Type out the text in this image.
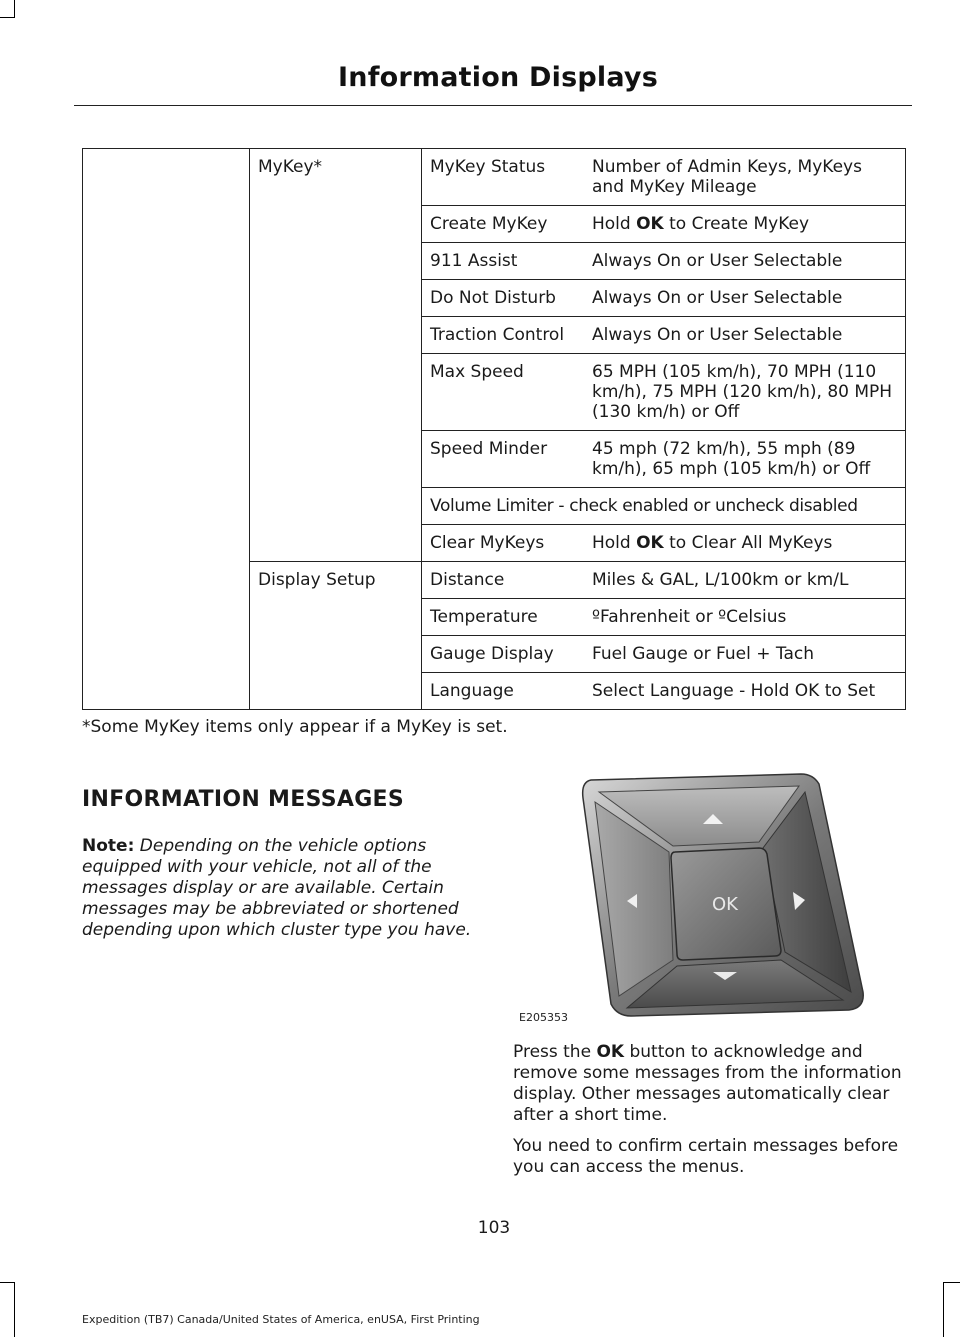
Information Displays
	MyKey*	MyKey Status	Number of Admin Keys, MyKeys and MyKey Mileage
		Create MyKey	Hold OK to Create MyKey
		911 Assist	Always On or User Selectable
		Do Not Disturb	Always On or User Selectable
		Traction Control	Always On or User Selectable
		Max Speed	65 MPH (105 km/h), 70 MPH (110 km/h), 75 MPH (120 km/h), 80 MPH (130 km/h) or Off
		Speed Minder	45 mph (72 km/h), 55 mph (89 km/h), 65 mph (105 km/h) or Off
		Volume Limiter - check enabled or uncheck disabled	
		Clear MyKeys	Hold OK to Clear All MyKeys
	Display Setup	Distance	Miles & GAL, L/100km or km/L
		Temperature	ºFahrenheit or ºCelsius
		Gauge Display	Fuel Gauge or Fuel + Tach
		Language	Select Language - Hold OK to Set
*Some MyKey items only appear if a MyKey is set.
INFORMATION MESSAGES
Note: Depending on the vehicle options equipped with your vehicle, not all of the messages display or are available. Certain messages may be abbreviated or shortened depending upon which cluster type you have.
OK
E205353
Press the OK button to acknowledge and remove some messages from the information display. Other messages automatically clear after a short time.
You need to confirm certain messages before you can access the menus.
103
Expedition (TB7) Canada/United States of America, enUSA, First Printing
